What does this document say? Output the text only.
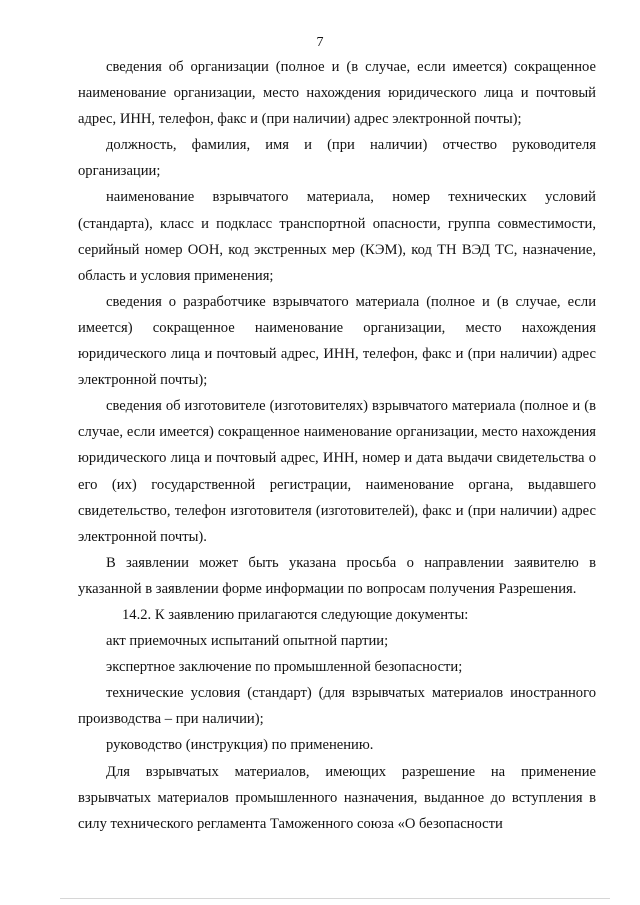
7

сведения об организации (полное и (в случае, если имеется) сокращенное наименование организации, место нахождения юридического лица и почтовый адрес, ИНН, телефон, факс и (при наличии) адрес электронной почты);

должность, фамилия, имя и (при наличии) отчество руководителя организации;

наименование взрывчатого материала, номер технических условий (стандарта), класс и подкласс транспортной опасности, группа совместимости, серийный номер ООН, код экстренных мер (КЭМ), код ТН ВЭД ТС, назначение, область и условия применения;

сведения о разработчике взрывчатого материала (полное и (в случае, если имеется) сокращенное наименование организации, место нахождения юридического лица и почтовый адрес, ИНН, телефон, факс и (при наличии) адрес электронной почты);

сведения об изготовителе (изготовителях) взрывчатого материала (полное и (в случае, если имеется) сокращенное наименование организации, место нахождения юридического лица и почтовый адрес, ИНН, номер и дата выдачи свидетельства о его (их) государственной регистрации, наименование органа, выдавшего свидетельство, телефон изготовителя (изготовителей), факс и (при наличии) адрес электронной почты).

В заявлении может быть указана просьба о направлении заявителю в указанной в заявлении форме информации по вопросам получения Разрешения.

14.2. К заявлению прилагаются следующие документы:

акт приемочных испытаний опытной партии;

экспертное заключение по промышленной безопасности;

технические условия (стандарт) (для взрывчатых материалов иностранного производства – при наличии);

руководство (инструкция) по применению.

Для взрывчатых материалов, имеющих разрешение на применение взрывчатых материалов промышленного назначения, выданное до вступления в силу технического регламента Таможенного союза «О безопасности
